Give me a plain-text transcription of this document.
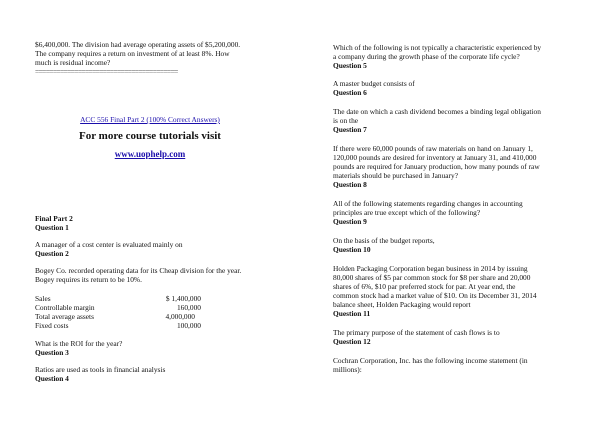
$6,400,000. The division had average operating assets of $5,200,000.

The company requires a return on investment of at least 8%. How

much is residual income?

========================================

ACC 556 Final Part 2 (100% Correct Answers)

For more course tutorials visit

www.uophelp.com

Final Part 2

Question 1

A manager of a cost center is evaluated mainly on

Question 2

Bogey Co. recorded operating data for its Cheap division for the year.

Bogey requires its return to be 10%.

Sales	$ 1,400,000
Controllable margin	160,000
Total average assets	4,000,000
Fixed costs	100,000

What is the ROI for the year?

Question 3

Ratios are used as tools in financial analysis

Question 4

Which of the following is not typically a characteristic experienced by

a company during the growth phase of the corporate life cycle?

Question 5

A master budget consists of

Question 6

The date on which a cash dividend becomes a binding legal obligation

is on the

Question 7

If there were 60,000 pounds of raw materials on hand on January 1,

120,000 pounds are desired for inventory at January 31, and 410,000

pounds are required for January production, how many pounds of raw

materials should be purchased in January?

Question 8

All of the following statements regarding changes in accounting

principles are true except which of the following?

Question 9

On the basis of the budget reports,

Question 10

Holden Packaging Corporation began business in 2014 by issuing

80,000 shares of $5 par common stock for $8 per share and 20,000

shares of 6%, $10 par preferred stock for par. At year end, the

common stock had a market value of $10. On its December 31, 2014

balance sheet, Holden Packaging would report

Question 11

The primary purpose of the statement of cash flows is to

Question 12

Cochran Corporation, Inc. has the following income statement (in

millions):
